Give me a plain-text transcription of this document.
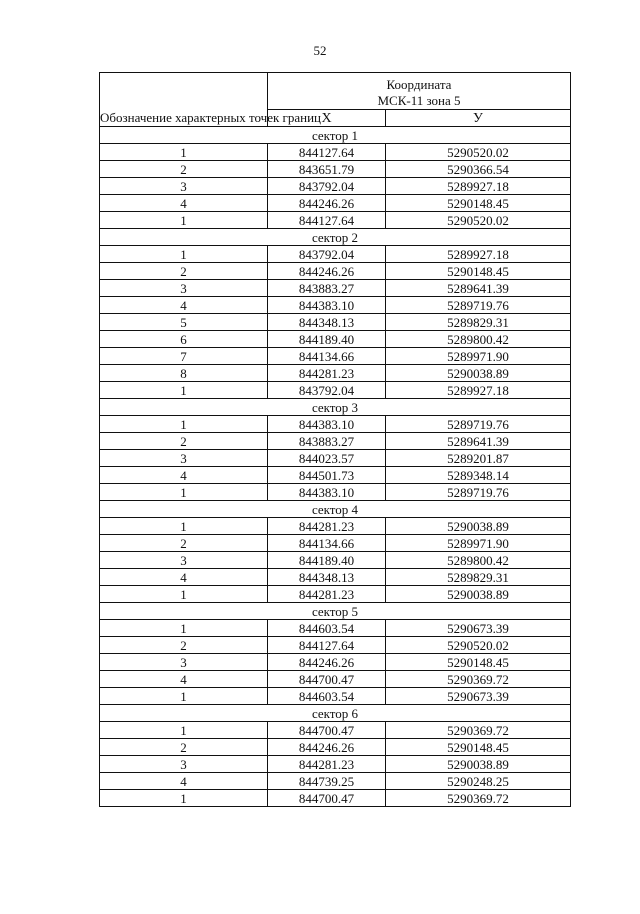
52
Обозначение характерных точек границ	Координата
МСК-11 зона 5	
	Х	У
сектор 1		
1	844127.64	5290520.02
2	843651.79	5290366.54
3	843792.04	5289927.18
4	844246.26	5290148.45
1	844127.64	5290520.02
сектор 2		
1	843792.04	5289927.18
2	844246.26	5290148.45
3	843883.27	5289641.39
4	844383.10	5289719.76
5	844348.13	5289829.31
6	844189.40	5289800.42
7	844134.66	5289971.90
8	844281.23	5290038.89
1	843792.04	5289927.18
сектор 3		
1	844383.10	5289719.76
2	843883.27	5289641.39
3	844023.57	5289201.87
4	844501.73	5289348.14
1	844383.10	5289719.76
сектор 4		
1	844281.23	5290038.89
2	844134.66	5289971.90
3	844189.40	5289800.42
4	844348.13	5289829.31
1	844281.23	5290038.89
сектор 5		
1	844603.54	5290673.39
2	844127.64	5290520.02
3	844246.26	5290148.45
4	844700.47	5290369.72
1	844603.54	5290673.39
сектор 6		
1	844700.47	5290369.72
2	844246.26	5290148.45
3	844281.23	5290038.89
4	844739.25	5290248.25
1	844700.47	5290369.72
